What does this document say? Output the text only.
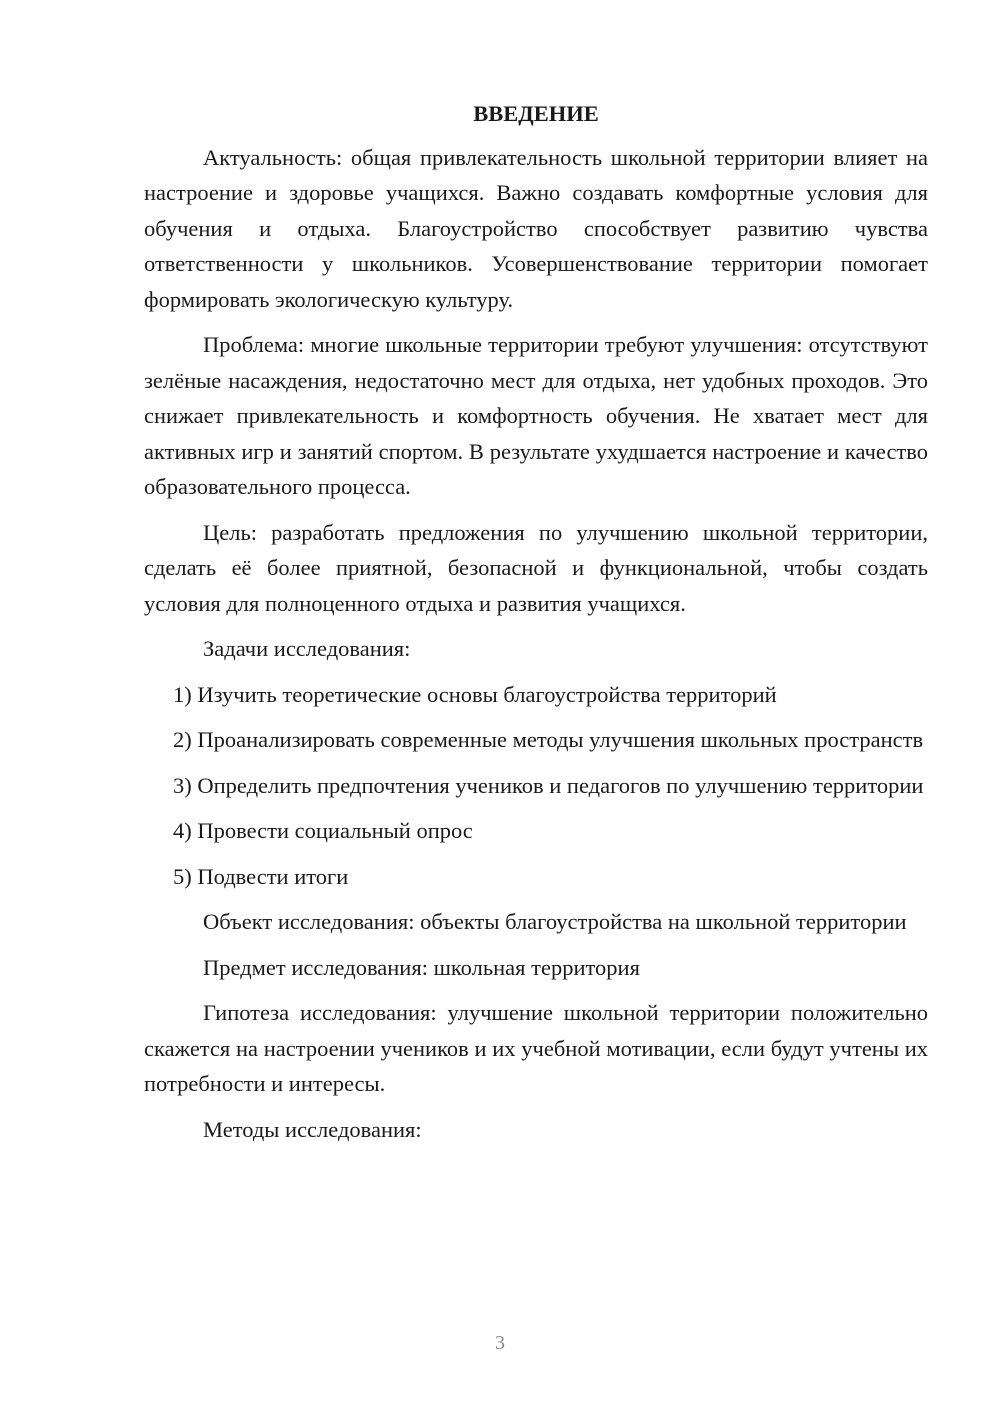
ВВЕДЕНИЕ

Актуальность: общая привлекательность школьной территории влияет на настроение и здоровье учащихся. Важно создавать комфортные условия для обучения и отдыха. Благоустройство способствует развитию чувства ответственности у школьников. Усовершенствование территории помогает формировать экологическую культуру.

Проблема: многие школьные территории требуют улучшения: отсутствуют зелёные насаждения, недостаточно мест для отдыха, нет удобных проходов. Это снижает привлекательность и комфортность обучения. Не хватает мест для активных игр и занятий спортом. В результате ухудшается настроение и качество образовательного процесса.

Цель: разработать предложения по улучшению школьной территории, сделать её более приятной, безопасной и функциональной, чтобы создать условия для полноценного отдыха и развития учащихся.

Задачи исследования:

1) Изучить теоретические основы благоустройства территорий

2) Проанализировать современные методы улучшения школьных пространств

3) Определить предпочтения учеников и педагогов по улучшению территории

4) Провести социальный опрос

5) Подвести итоги

Объект исследования: объекты благоустройства на школьной территории

Предмет исследования: школьная территория

Гипотеза исследования: улучшение школьной территории положительно скажется на настроении учеников и их учебной мотивации, если будут учтены их потребности и интересы.

Методы исследования:

3
